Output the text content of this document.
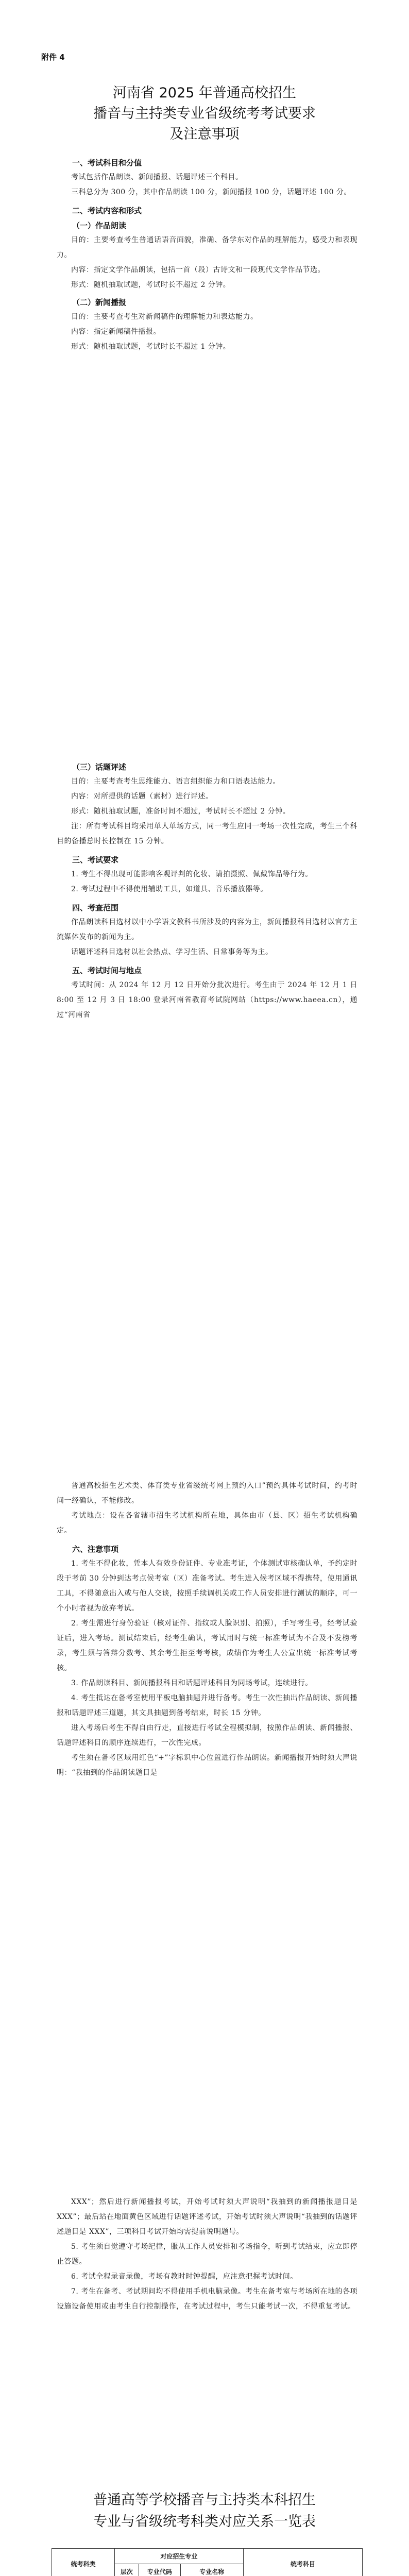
附件 4
河南省 2025 年普通高校招生
播音与主持类专业省级统考考试要求
及注意事项
一、考试科目和分值

考试包括作品朗读、新闻播报、话题评述三个科目。

三科总分为 300 分，其中作品朗读 100 分，新闻播报 100 分，话题评述 100 分。

二、考试内容和形式
（一）作品朗读

目的：主要考查考生普通话语音面貌，准确、备学东对作品的理解能力，感受力和表现力。

内容：指定文学作品朗读，包括一首（段）古诗文和一段现代文学作品节选。

形式：随机抽取试题，考试时长不超过 2 分钟。

（二）新闻播报

目的：主要考查考生对新闻稿件的理解能力和表达能力。

内容：指定新闻稿件播报。

形式：随机抽取试题，考试时长不超过 1 分钟。

（三）话题评述

目的：主要考查考生思维能力、语言组织能力和口语表达能力。

内容：对所提供的话题（素材）进行评述。

形式：随机抽取试题，准备时间不超过，考试时长不超过 2 分钟。

注：所有考试科目均采用单人单场方式，同一考生应同一考场一次性完成，考生三个科目的备播总时长控制在 15 分钟。

三、考试要求

1. 考生不得出现可能影响客观评判的化妆、请拍摄照、佩戴饰品等行为。

2. 考试过程中不得使用辅助工具，如道具、音乐播放器等。

四、考查范围

作品朗读科目选材以中小学语文教科书所涉及的内容为主，新闻播报科目选材以官方主流媒体发布的新闻为主。

话题评述科目选材以社会热点、学习生活、日常事务等为主。

五、考试时间与地点

考试时间：从 2024 年 12 月 12 日开始分批次进行。考生由于 2024 年 12 月 1 日 8:00 至 12 月 3 日 18:00 登录河南省教育考试院网站（https://www.haeea.cn），通过“河南省

普通高校招生艺术类、体育类专业省级统考网上预约入口”预约具体考试时间，约考时间一经确认，不能修改。

考试地点：设在各省辖市招生考试机构所在地，具体由市（县、区）招生考试机构确定。

六、注意事项

1. 考生不得化妆，凭本人有效身份证件、专业准考证，个体测试审核确认单，予约定时段于考前 30 分钟到达考点候考室（区）准备考试。考生进入候考区域不得携带，使用通讯工具，不得随意出入或与他人交谈，按照手续调机关或工作人员安排进行测试的顺序，可一个小时者视为放弃考试。

2. 考生需进行身份验证（核对证件、指纹或人脸识别、拍照），手写考生号，经考试验证后，进入考场。测试结束后，经考生确认，考试用时与统一标准考试为不合及不发榜考录，考生须与答辩分数考、其余考生拒至考考核，成绩作为考生人公宣出统一标准考试考核。

3. 作品朗读科目、新闻播报科目和话题评述科目为同场考试，连续进行。

4. 考生抵达在备考室使用平板电脑抽题并进行备考。考生一次性抽出作品朗读、新闻播报和话题评述三道题，其文具抽题到备考结束，时长 15 分钟。

进入考场后考生不得自由行走，直接进行考试全程模拟制，按照作品朗读、新闻播报、话题评述科目的顺序连续进行，一次性完成。

考生须在备考区域用红色“+”字标识中心位置进行作品朗读。新闻播报开始时须大声说明：“我抽到的作品朗读题目是

XXX”；然后进行新闻播报考试，开始考试时须大声说明“我抽到的新闻播报题目是 XXX”；最后站在地面黄色区域进行话题评述考试，开始考试时须大声说明“我抽到的话题评述题目是 XXX”，三项科目考试开始均需提前说明题号。

5. 考生须自觉遵守考场纪律，服从工作人员安排和考场指令，听到考试结束，应立即停止答题。

6. 考试全程录音录像，考场有教时时钟提醒，应注意把握考试时间。

7. 考生在备考、考试期间均不得使用手机电脑录像。考生在备考室与考场所在地的各项设施设备使用或由考生自行控制操作，在考试过程中，考生只能考试一次，不得重复考试。

普通高等学校播音与主持类本科招生
专业与省级统考科类对应关系一览表
统考科类	对应招生专业			统考科目
	层次	专业代码	专业名称	
